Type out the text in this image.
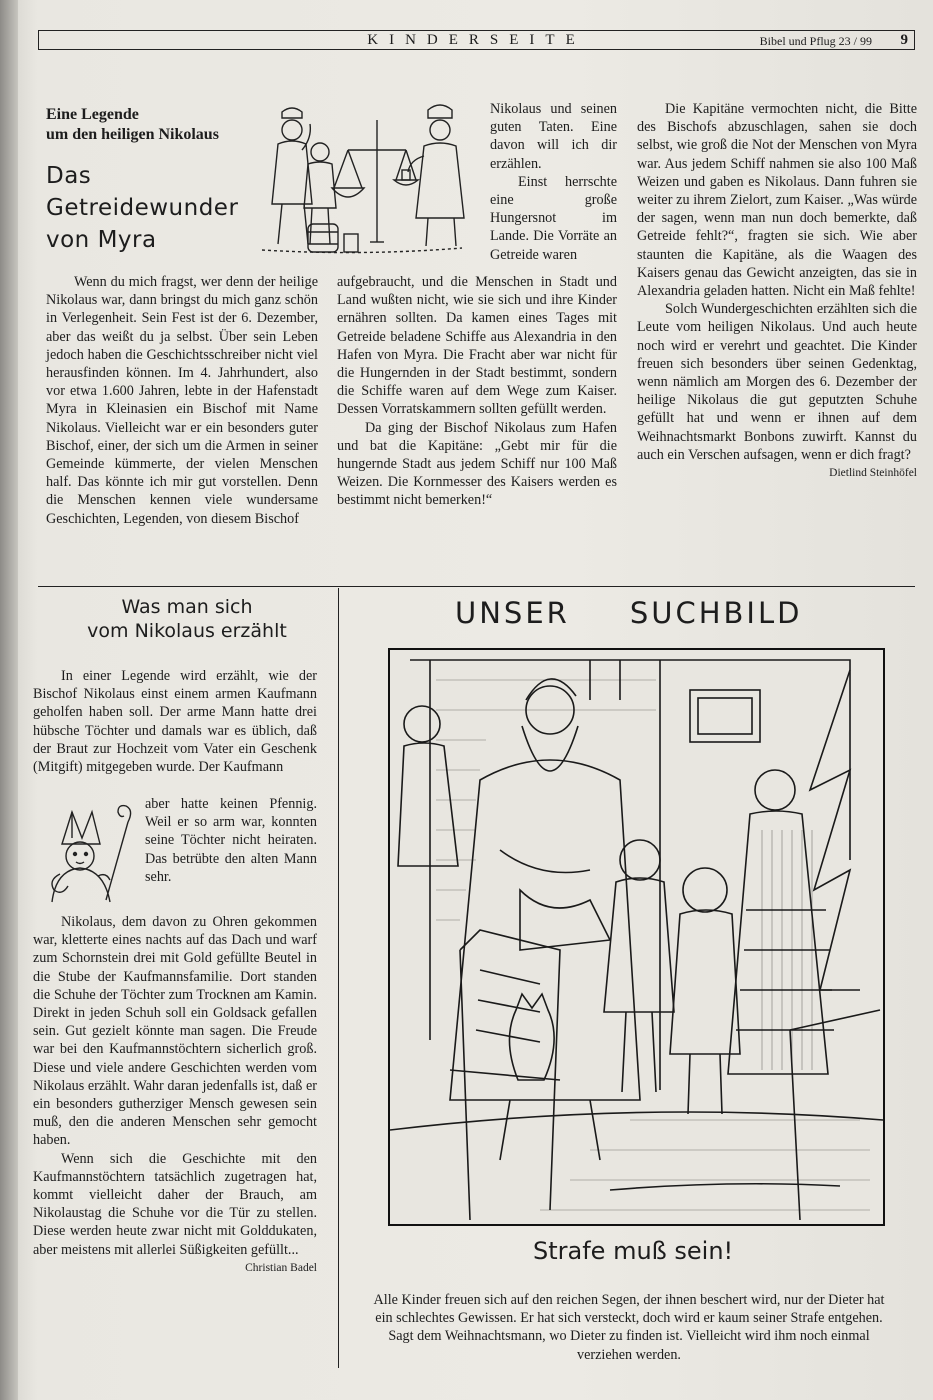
KINDERSEITE	Bibel und Pflug 23 / 99 9
Eine Legende
um den heiligen Nikolaus
Das
Getreidewunder
von Myra

Wenn du mich fragst, wer denn der heilige Nikolaus war, dann bringst du mich ganz schön in Verlegenheit. Sein Fest ist der 6. Dezember, aber das weißt du ja selbst. Über sein Leben jedoch haben die Geschichtsschreiber nicht viel herausfinden können. Im 4. Jahrhundert, also vor etwa 1.600 Jahren, lebte in der Hafenstadt Myra in Kleinasien ein Bischof mit Name Nikolaus. Vielleicht war er ein besonders guter Bischof, einer, der sich um die Armen in seiner Gemeinde kümmerte, der vielen Menschen half. Das könnte ich mir gut vorstellen. Denn die Menschen kennen viele wundersame Geschichten, Legenden, von diesem Bischof

Nikolaus und seinen guten Taten. Eine davon will ich dir erzählen.

Einst herrschte eine große Hungersnot im Lande. Die Vorräte an Getreide waren

aufgebraucht, und die Menschen in Stadt und Land wußten nicht, wie sie sich und ihre Kinder ernähren sollten. Da kamen eines Tages mit Getreide beladene Schiffe aus Alexandria in den Hafen von Myra. Die Fracht aber war nicht für die Hungernden in der Stadt bestimmt, sondern die Schiffe waren auf dem Wege zum Kaiser. Dessen Vorratskammern sollten gefüllt werden.

Da ging der Bischof Nikolaus zum Hafen und bat die Kapitäne: „Gebt mir für die hungernde Stadt aus jedem Schiff nur 100 Maß Weizen. Die Kornmesser des Kaisers werden es bestimmt nicht bemerken!“

Die Kapitäne vermochten nicht, die Bitte des Bischofs abzuschlagen, sahen sie doch selbst, wie groß die Not der Menschen von Myra war. Aus jedem Schiff nahmen sie also 100 Maß Weizen und gaben es Nikolaus. Dann fuhren sie weiter zu ihrem Zielort, zum Kaiser. „Was würde der sagen, wenn man nun doch bemerkte, daß Getreide fehlt?“, fragten sie sich. Wie aber staunten die Kapitäne, als die Waagen des Kaisers genau das Gewicht anzeigten, das sie in Alexandria geladen hatten. Nicht ein Maß fehlte!

Solch Wundergeschichten erzählten sich die Leute vom heiligen Nikolaus. Und auch heute noch wird er verehrt und geachtet. Die Kinder freuen sich besonders über seinen Gedenktag, wenn nämlich am Morgen des 6. Dezember der heilige Nikolaus die gut geputzten Schuhe gefüllt hat und wenn er ihnen auf dem Weihnachtsmarkt Bonbons zuwirft. Kannst du auch ein Verschen aufsagen, wenn er dich fragt?
Dietlind Steinhöfel

Was man sich
vom Nikolaus erzählt

In einer Legende wird erzählt, wie der Bischof Nikolaus einst einem armen Kaufmann geholfen haben soll. Der arme Mann hatte drei hübsche Töchter und damals war es üblich, daß der Braut zur Hochzeit vom Vater ein Geschenk (Mitgift) mitgegeben wurde. Der Kaufmann

aber hatte keinen Pfennig. Weil er so arm war, konnten seine Töchter nicht heiraten. Das betrübte den alten Mann sehr.

Nikolaus, dem davon zu Ohren gekommen war, kletterte eines nachts auf das Dach und warf zum Schornstein drei mit Gold gefüllte Beutel in die Stube der Kaufmannsfamilie. Dort standen die Schuhe der Töchter zum Trocknen am Kamin. Direkt in jeden Schuh soll ein Goldsack gefallen sein. Gut gezielt könnte man sagen. Die Freude war bei den Kaufmannstöchtern sicherlich groß. Diese und viele andere Geschichten werden vom Nikolaus erzählt. Wahr daran jedenfalls ist, daß er ein besonders gutherziger Mensch gewesen sein muß, den die anderen Menschen sehr gemocht haben.

Wenn sich die Geschichte mit den Kaufmannstöchtern tatsächlich zugetragen hat, kommt vielleicht daher der Brauch, am Nikolaustag die Schuhe vor die Tür zu stellen. Diese werden heute zwar nicht mit Golddukaten, aber meistens mit allerlei Süßigkeiten gefüllt...

Christian Badel
UNSER SUCHBILD
Strafe muß sein!

Alle Kinder freuen sich auf den reichen Segen, der ihnen beschert wird, nur der Dieter hat ein schlechtes Gewissen. Er hat sich versteckt, doch wird er kaum seiner Strafe entgehen. Sagt dem Weihnachtsmann, wo Dieter zu finden ist. Vielleicht wird ihm noch einmal verziehen werden.
